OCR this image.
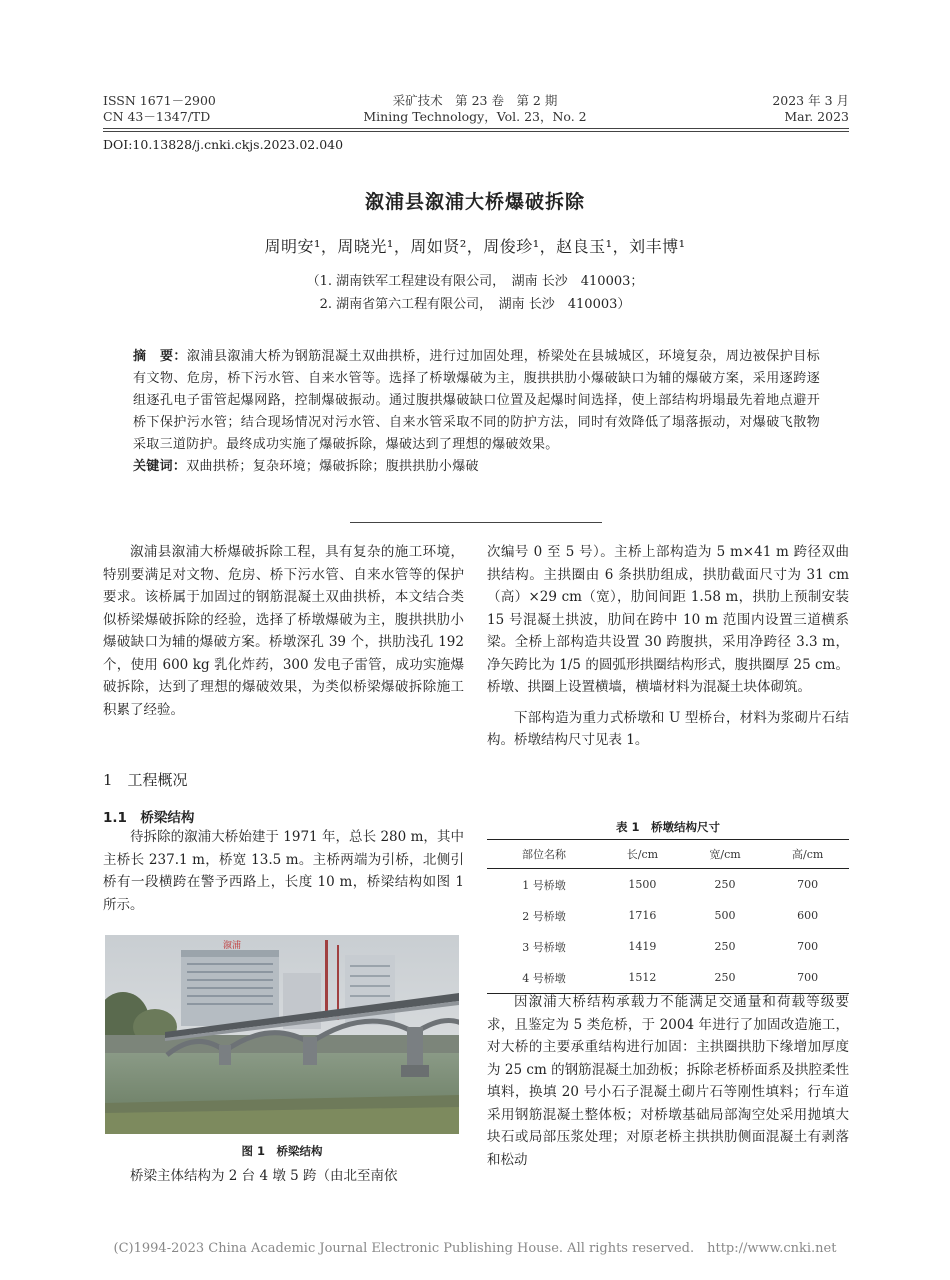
ISSN 1671－2900
CN 43－1347/TD
采矿技术　第 23 卷　第 2 期
Mining Technology，Vol. 23，No. 2
2023 年 3 月
Mar. 2023
DOI:10.13828/j.cnki.ckjs.2023.02.040
溆浦县溆浦大桥爆破拆除
周明安¹，周晓光¹，周如贤²，周俊珍¹，赵良玉¹，刘丰博¹
（1. 湖南铁军工程建设有限公司，　湖南 长沙　410003；
2. 湖南省第六工程有限公司，　湖南 长沙　410003）
摘　要：溆浦县溆浦大桥为钢筋混凝土双曲拱桥，进行过加固处理，桥梁处在县城城区，环境复杂，周边被保护目标有文物、危房，桥下污水管、自来水管等。选择了桥墩爆破为主，腹拱拱肋小爆破缺口为辅的爆破方案，采用逐跨逐组逐孔电子雷管起爆网路，控制爆破振动。通过腹拱爆破缺口位置及起爆时间选择，使上部结构坍塌最先着地点避开桥下保护污水管；结合现场情况对污水管、自来水管采取不同的防护方法，同时有效降低了塌落振动，对爆破飞散物采取三道防护。最终成功实施了爆破拆除，爆破达到了理想的爆破效果。
关键词：双曲拱桥；复杂环境；爆破拆除；腹拱拱肋小爆破

溆浦县溆浦大桥爆破拆除工程，具有复杂的施工环境，特别要满足对文物、危房、桥下污水管、自来水管等的保护要求。该桥属于加固过的钢筋混凝土双曲拱桥，本文结合类似桥梁爆破拆除的经验，选择了桥墩爆破为主，腹拱拱肋小爆破缺口为辅的爆破方案。桥墩深孔 39 个，拱肋浅孔 192 个，使用 600 kg 乳化炸药，300 发电子雷管，成功实施爆破拆除，达到了理想的爆破效果，为类似桥梁爆破拆除施工积累了经验。

1　工程概况
1.1　桥梁结构

待拆除的溆浦大桥始建于 1971 年，总长 280 m，其中主桥长 237.1 m，桥宽 13.5 m。主桥两端为引桥，北侧引桥有一段横跨在警予西路上，长度 10 m，桥梁结构如图 1 所示。

溆浦
图 1　桥梁结构

桥梁主体结构为 2 台 4 墩 5 跨（由北至南依

次编号 0 至 5 号）。主桥上部构造为 5 m×41 m 跨径双曲拱结构。主拱圈由 6 条拱肋组成，拱肋截面尺寸为 31 cm（高）×29 cm（宽），肋间间距 1.58 m，拱肋上预制安装 15 号混凝土拱波，肋间在跨中 10 m 范围内设置三道横系梁。全桥上部构造共设置 30 跨腹拱，采用净跨径 3.3 m，净矢跨比为 1/5 的圆弧形拱圈结构形式，腹拱圈厚 25 cm。桥墩、拱圈上设置横墙，横墙材料为混凝土块体砌筑。

下部构造为重力式桥墩和 U 型桥台，材料为浆砌片石结构。桥墩结构尺寸见表 1。

表 1　桥墩结构尺寸
部位名称	长/cm	宽/cm	高/cm
1 号桥墩	1500	250	700
2 号桥墩	1716	500	600
3 号桥墩	1419	250	700
4 号桥墩	1512	250	700

因溆浦大桥结构承载力不能满足交通量和荷载等级要求，且鉴定为 5 类危桥，于 2004 年进行了加固改造施工，对大桥的主要承重结构进行加固：主拱圈拱肋下缘增加厚度为 25 cm 的钢筋混凝土加劲板；拆除老桥桥面系及拱腔柔性填料，换填 20 号小石子混凝土砌片石等刚性填料；行车道采用钢筋混凝土整体板；对桥墩基础局部淘空处采用抛填大块石或局部压浆处理；对原老桥主拱拱肋侧面混凝土有剥落和松动

(C)1994-2023 China Academic Journal Electronic Publishing House. All rights reserved.　http://www.cnki.net
